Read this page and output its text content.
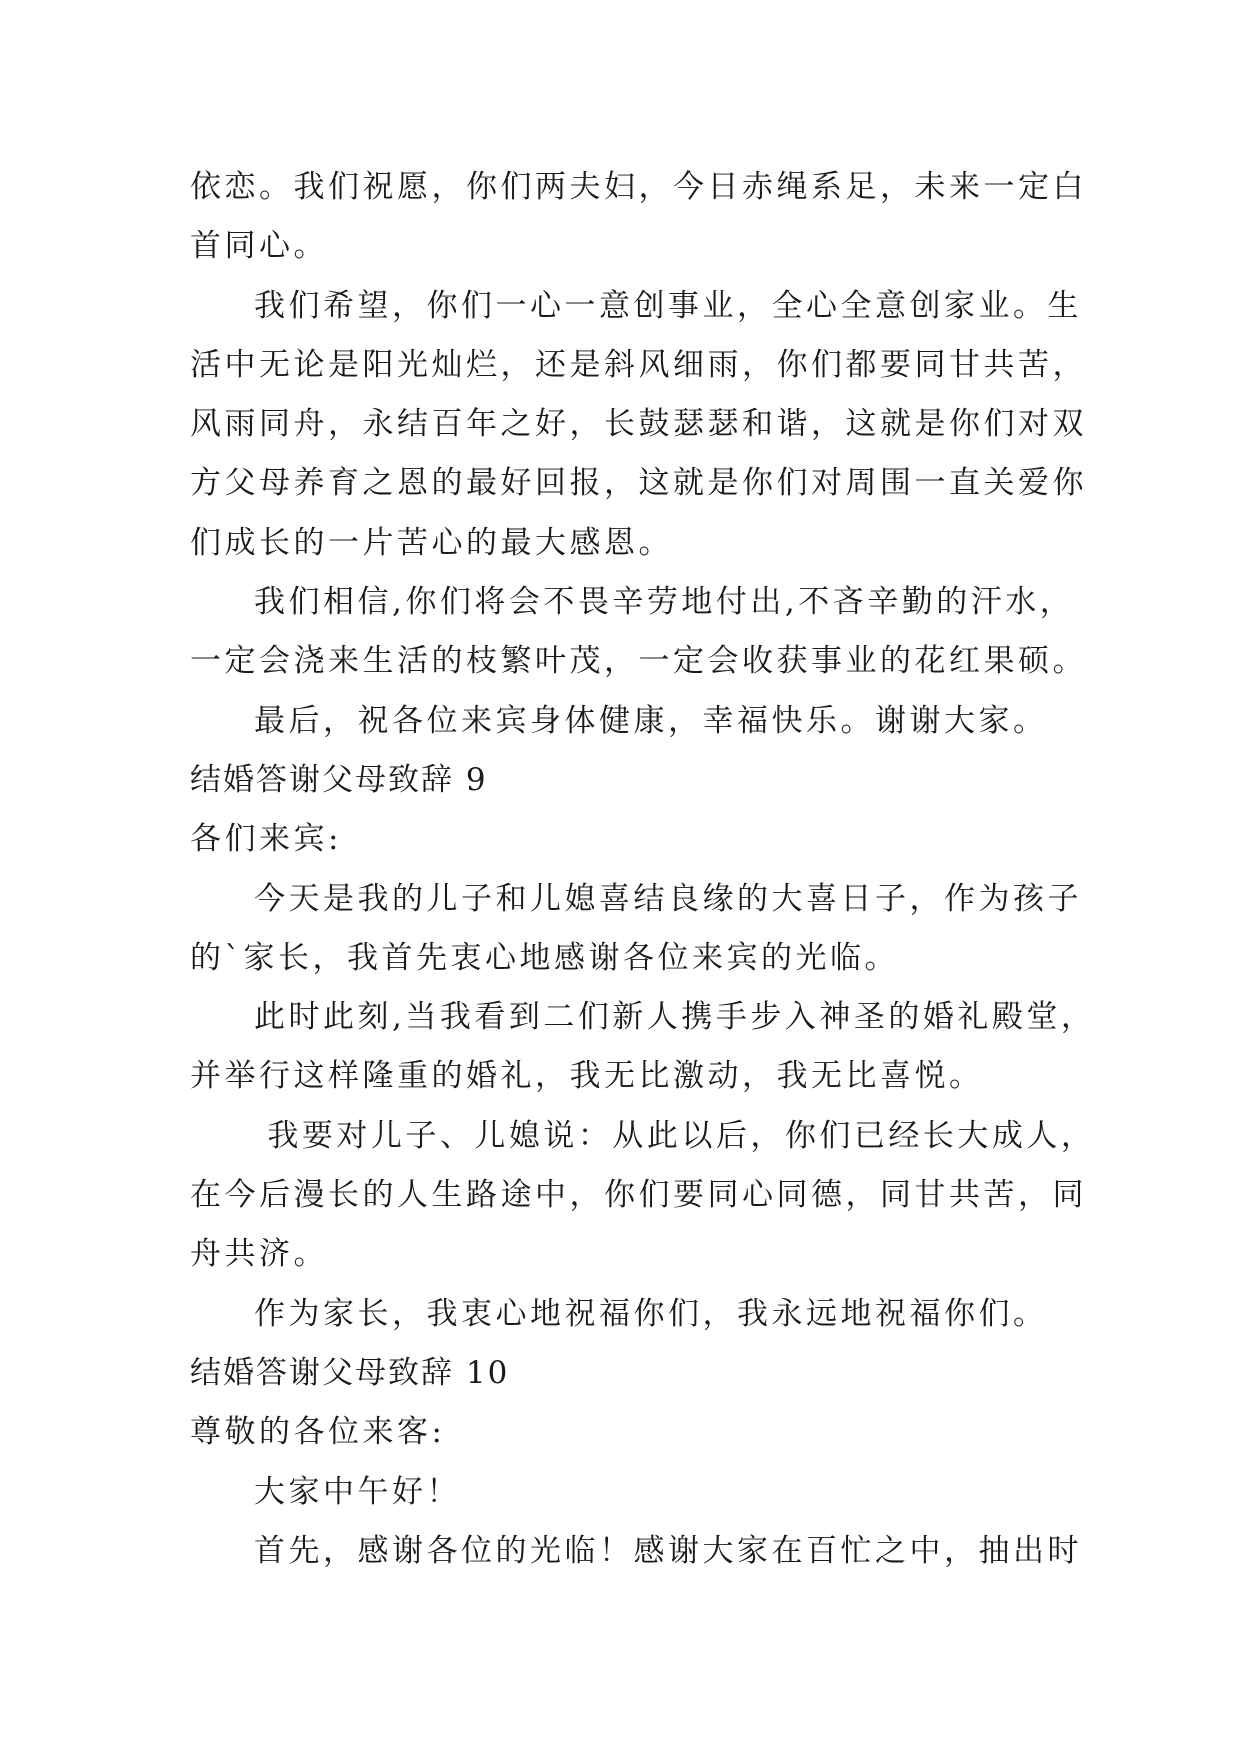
依恋。我们祝愿，你们两夫妇，今日赤绳系足，未来一定白
首同心。
我们希望，你们一心一意创事业，全心全意创家业。生
活中无论是阳光灿烂，还是斜风细雨，你们都要同甘共苦，
风雨同舟，永结百年之好，长鼓瑟瑟和谐，这就是你们对双
方父母养育之恩的最好回报，这就是你们对周围一直关爱你
们成长的一片苦心的最大感恩。
我们相信,你们将会不畏辛劳地付出,不吝辛勤的汗水，
一定会浇来生活的枝繁叶茂，一定会收获事业的花红果硕。
最后，祝各位来宾身体健康，幸福快乐。谢谢大家。
结婚答谢父母致辞 9
各们来宾:
今天是我的儿子和儿媳喜结良缘的大喜日子，作为孩子
的`家长，我首先衷心地感谢各位来宾的光临。
此时此刻,当我看到二们新人携手步入神圣的婚礼殿堂，
并举行这样隆重的婚礼，我无比激动，我无比喜悦。
我要对儿子、儿媳说：从此以后，你们已经长大成人，
在今后漫长的人生路途中，你们要同心同德，同甘共苦，同
舟共济。
作为家长，我衷心地祝福你们，我永远地祝福你们。
结婚答谢父母致辞 10
尊敬的各位来客:
大家中午好！
首先，感谢各位的光临！感谢大家在百忙之中，抽出时
